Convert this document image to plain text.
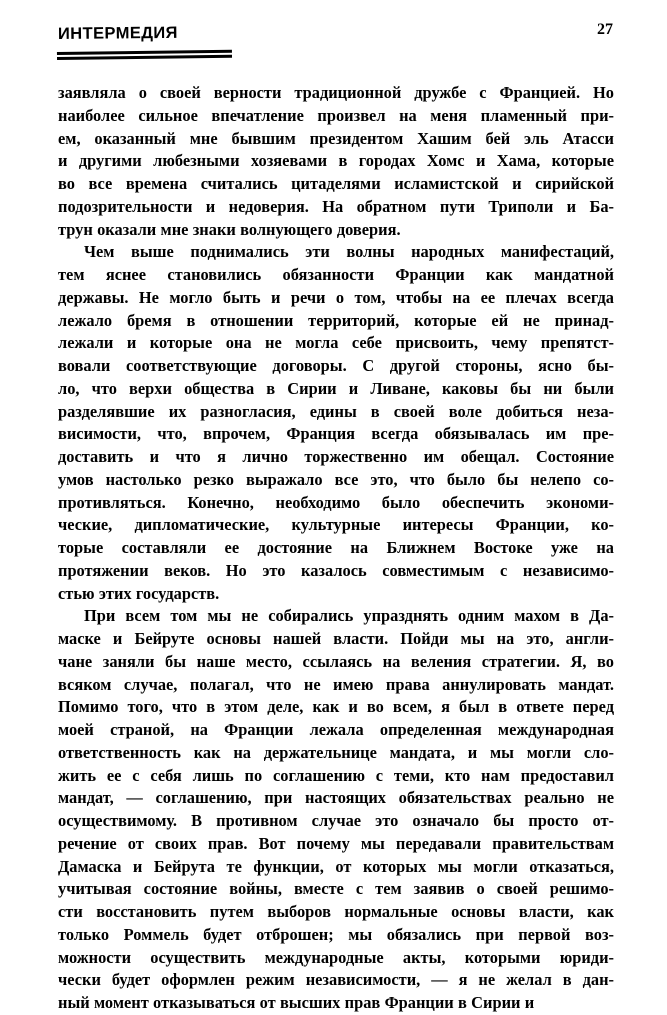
ИНТЕРМЕДИЯ	27

заявляла о своей верности традиционной дружбе с Францией. Но
наиболее сильное впечатление произвел на меня пламенный при-
ем, оказанный мне бывшим президентом Хашим бей эль Атасси
и другими любезными хозяевами в городах Хомс и Хама, которые
во все времена считались цитаделями исламистской и сирийской
подозрительности и недоверия. На обратном пути Триполи и Ба-
трун оказали мне знаки волнующего доверия.

Чем выше поднимались эти волны народных манифестаций,
тем яснее становились обязанности Франции как мандатной
державы. Не могло быть и речи о том, чтобы на ее плечах всегда
лежало бремя в отношении территорий, которые ей не принад-
лежали и которые она не могла себе присвоить, чему препятст-
вовали соответствующие договоры. С другой стороны, ясно бы-
ло, что верхи общества в Сирии и Ливане, каковы бы ни были
разделявшие их разногласия, едины в своей воле добиться неза-
висимости, что, впрочем, Франция всегда обязывалась им пре-
доставить и что я лично торжественно им обещал. Состояние
умов настолько резко выражало все это, что было бы нелепо со-
противляться. Конечно, необходимо было обеспечить экономи-
ческие, дипломатические, культурные интересы Франции, ко-
торые составляли ее достояние на Ближнем Востоке уже на
протяжении веков. Но это казалось совместимым с независимо-
стью этих государств.

При всем том мы не собирались упразднять одним махом в Да-
маске и Бейруте основы нашей власти. Пойди мы на это, англи-
чане заняли бы наше место, ссылаясь на веления стратегии. Я, во
всяком случае, полагал, что не имею права аннулировать мандат.
Помимо того, что в этом деле, как и во всем, я был в ответе перед
моей страной, на Франции лежала определенная международная
ответственность как на держательнице мандата, и мы могли сло-
жить ее с себя лишь по соглашению с теми, кто нам предоставил
мандат, — соглашению, при настоящих обязательствах реально не
осуществимому. В противном случае это означало бы просто от-
речение от своих прав. Вот почему мы передавали правительствам
Дамаска и Бейрута те функции, от которых мы могли отказаться,
учитывая состояние войны, вместе с тем заявив о своей решимо-
сти восстановить путем выборов нормальные основы власти, как
только Роммель будет отброшен; мы обязались при первой воз-
можности осуществить международные акты, которыми юриди-
чески будет оформлен режим независимости, — я не желал в дан-
ный момент отказываться от высших прав Франции в Сирии и
